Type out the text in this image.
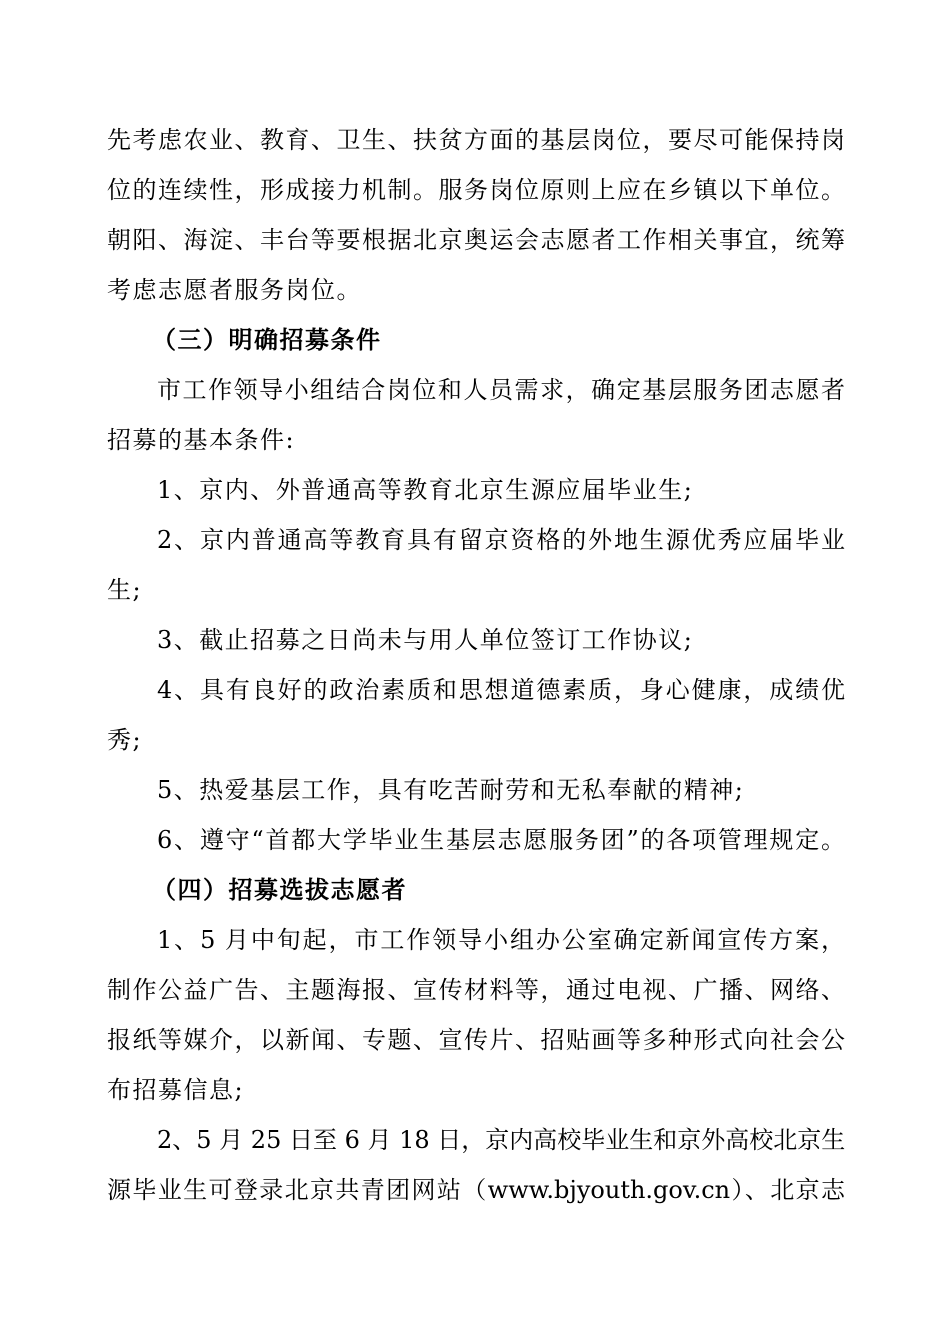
先考虑农业、教育、卫生、扶贫方面的基层岗位，要尽可能保持岗
位的连续性，形成接力机制。服务岗位原则上应在乡镇以下单位。
朝阳、海淀、丰台等要根据北京奥运会志愿者工作相关事宜，统筹
考虑志愿者服务岗位。
（三）明确招募条件
市工作领导小组结合岗位和人员需求，确定基层服务团志愿者
招募的基本条件:
1、京内、外普通高等教育北京生源应届毕业生;
2、京内普通高等教育具有留京资格的外地生源优秀应届毕业
生;
3、截止招募之日尚未与用人单位签订工作协议;
4、具有良好的政治素质和思想道德素质，身心健康，成绩优
秀;
5、热爱基层工作，具有吃苦耐劳和无私奉献的精神;
6、遵守“首都大学毕业生基层志愿服务团”的各项管理规定。
（四）招募选拔志愿者
1、5 月中旬起，市工作领导小组办公室确定新闻宣传方案，
制作公益广告、主题海报、宣传材料等，通过电视、广播、网络、
报纸等媒介，以新闻、专题、宣传片、招贴画等多种形式向社会公
布招募信息;
2、5 月 25 日至 6 月 18 日，京内高校毕业生和京外高校北京生
源毕业生可登录北京共青团网站（www.bjyouth.gov.cn）、北京志
